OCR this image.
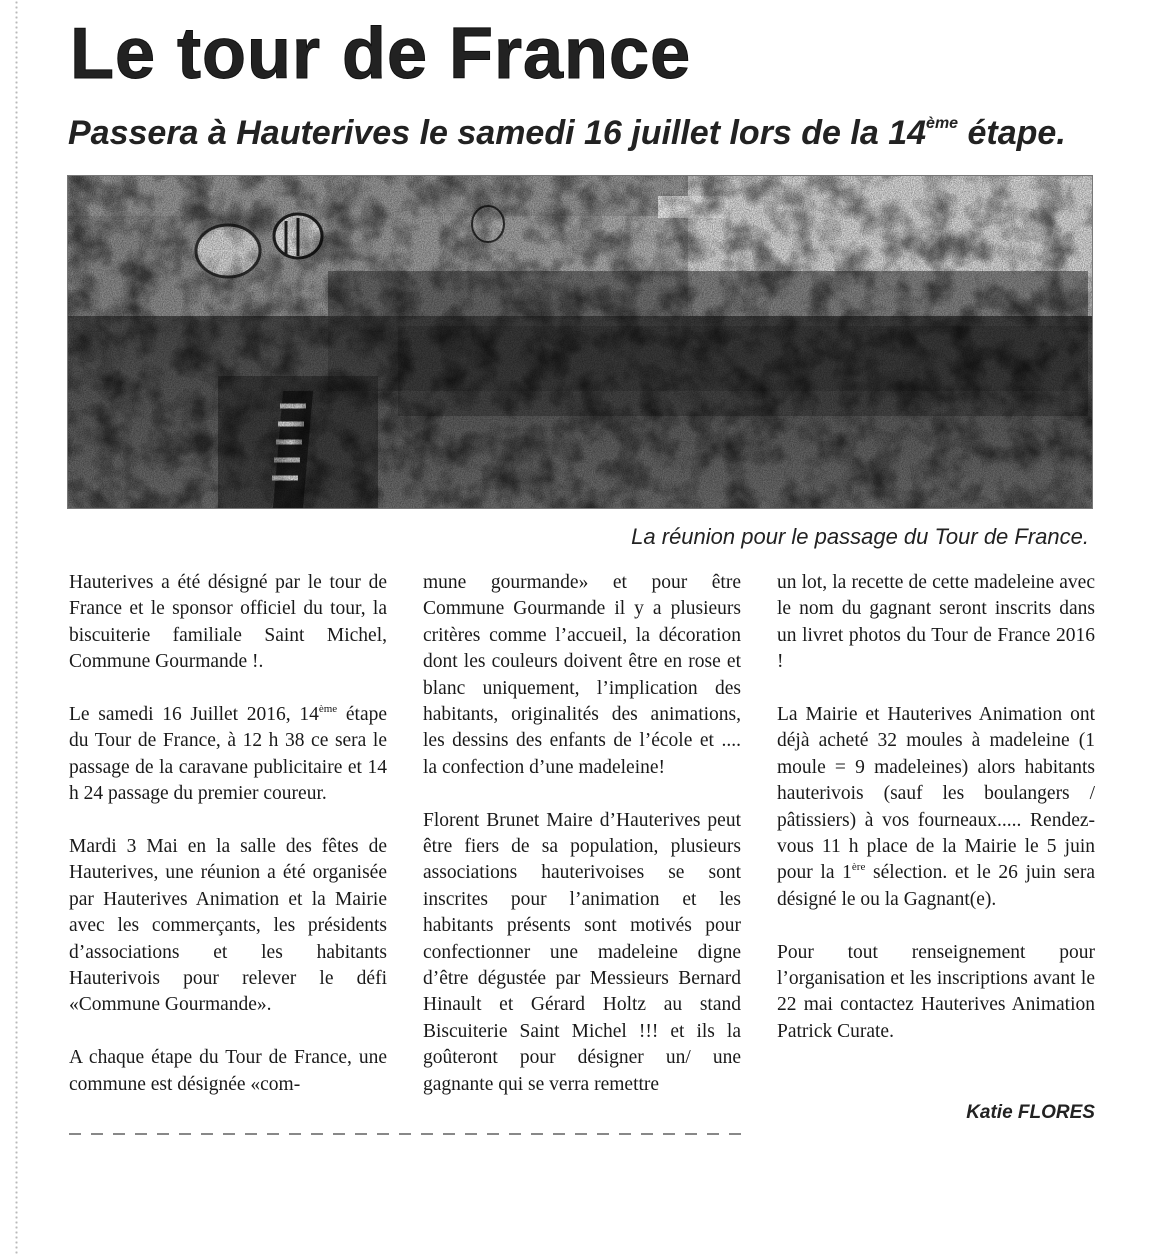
Le tour de France
Passera à Hauterives le samedi 16 juillet lors de la 14ème étape.

La réunion pour le passage du Tour de France.

Hauterives a été désigné par le tour de France et le sponsor officiel du tour, la biscuiterie familiale Saint Michel, Commune Gourmande !.

Le samedi 16 Juillet 2016, 14ème étape du Tour de France, à 12 h 38 ce sera le passage de la caravane publicitaire et 14 h 24 passage du premier coureur.

Mardi 3 Mai en la salle des fêtes de Hauterives, une réunion a été organisée par Hauterives Animation et la Mairie avec les commerçants, les présidents d’associations et les habitants Hauterivois pour relever le défi «Commune Gourmande».

A chaque étape du Tour de France, une commune est désignée «com-

mune gourmande» et pour être Commune Gourmande il y a plusieurs critères comme l’accueil, la décoration dont les couleurs doivent être en rose et blanc uniquement, l’implication des habitants, originalités des animations, les dessins des enfants de l’école et .... la confection d’une madeleine!

Florent Brunet Maire d’Hauterives peut être fiers de sa population, plusieurs associations hauterivoises se sont inscrites pour l’animation et les habitants présents sont motivés pour confectionner une madeleine digne d’être dégustée par Messieurs Bernard Hinault et Gérard Holtz au stand Biscuiterie Saint Michel !!! et ils la goûteront pour désigner un/ une gagnante qui se verra remettre

un lot, la recette de cette madeleine avec le nom du gagnant seront inscrits dans un livret photos du Tour de France 2016 !

La Mairie et Hauterives Animation ont déjà acheté 32 moules à madeleine (1 moule = 9 madeleines) alors habitants hauterivois (sauf les boulangers / pâtissiers) à vos fourneaux..... Rendez-vous 11 h place de la Mairie le 5 juin pour la 1ère sélection. et le 26 juin sera désigné le ou la Gagnant(e).

Pour tout renseignement pour l’organisation et les inscriptions avant le 22 mai contactez Hauterives Animation Patrick Curate.

Katie FLORES
